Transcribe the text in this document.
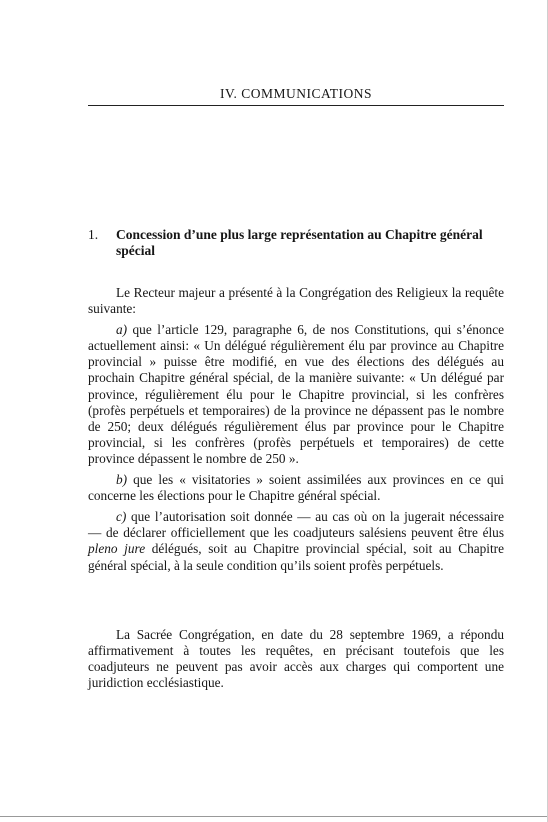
IV. COMMUNICATIONS
1. Concession d’une plus large représentation au Chapitre général
spécial

Le Recteur majeur a présenté à la Congrégation des Religieux la requête suivante:

a) que l’article 129, paragraphe 6, de nos Constitutions, qui s’énonce actuellement ainsi: « Un délégué régulièrement élu par province au Chapitre provincial » puisse être modifié, en vue des élections des délégués au prochain Chapitre général spécial, de la manière suivante: « Un délégué par province, régulièrement élu pour le Chapitre provincial, si les confrères (profès perpétuels et temporaires) de la province ne dépassent pas le nombre de 250; deux délégués régulièrement élus par province pour le Chapitre provincial, si les confrères (profès perpétuels et temporaires) de cette province dépassent le nombre de 250 ».

b) que les « visitatories » soient assimilées aux provinces en ce qui concerne les élections pour le Chapitre général spécial.

c) que l’autorisation soit donnée — au cas où on la jugerait nécessaire — de déclarer officiellement que les coadjuteurs salésiens peuvent être élus pleno jure délégués, soit au Chapitre provincial spécial, soit au Chapitre général spécial, à la seule condition qu’ils soient profès perpétuels.

La Sacrée Congrégation, en date du 28 septembre 1969, a répondu affirmativement à toutes les requêtes, en précisant toutefois que les coadjuteurs ne peuvent pas avoir accès aux charges qui comportent une juridiction ecclésiastique.
